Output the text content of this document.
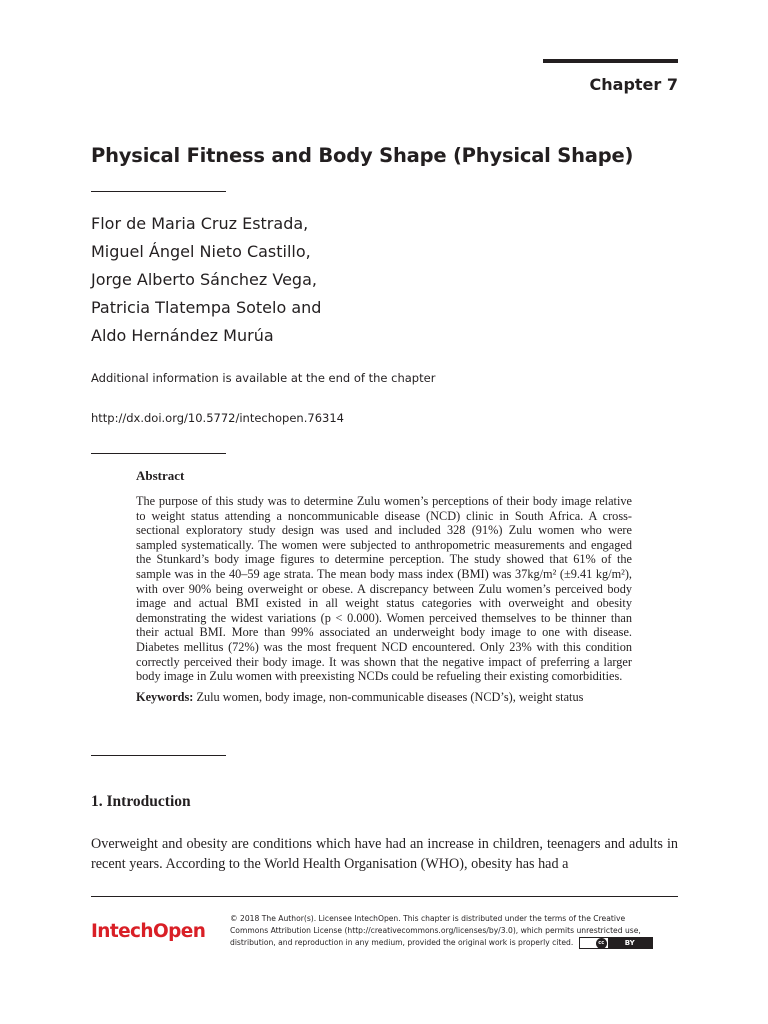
Chapter 7
Physical Fitness and Body Shape (Physical Shape)
Flor de Maria Cruz Estrada,
Miguel Ángel Nieto Castillo,
Jorge Alberto Sánchez Vega,
Patricia Tlatempa Sotelo and
Aldo Hernández Murúa
Additional information is available at the end of the chapter
http://dx.doi.org/10.5772/intechopen.76314
Abstract

The purpose of this study was to determine Zulu women’s perceptions of their body image relative to weight status attending a noncommunicable disease (NCD) clinic in South Africa. A cross-sectional exploratory study design was used and included 328 (91%) Zulu women who were sampled systematically. The women were subjected to anthropometric measurements and engaged the Stunkard’s body image figures to determine perception. The study showed that 61% of the sample was in the 40–59 age strata. The mean body mass index (BMI) was 37kg/m² (±9.41 kg/m²), with over 90% being overweight or obese. A discrepancy between Zulu women’s perceived body image and actual BMI existed in all weight status categories with overweight and obesity demonstrating the widest variations (p < 0.000). Women perceived themselves to be thinner than their actual BMI. More than 99% associated an underweight body image to one with disease. Diabetes mellitus (72%) was the most frequent NCD encountered. Only 23% with this condition correctly perceived their body image. It was shown that the negative impact of preferring a larger body image in Zulu women with preexisting NCDs could be refueling their existing comorbidities.

Keywords: Zulu women, body image, non-communicable diseases (NCD’s), weight status
1. Introduction

Overweight and obesity are conditions which have had an increase in children, teenagers and adults in recent years. According to the World Health Organisation (WHO), obesity has had a

IntechOpen

© 2018 The Author(s). Licensee IntechOpen. This chapter is distributed under the terms of the Creative
Commons Attribution License (http://creativecommons.org/licenses/by/3.0), which permits unrestricted use,
distribution, and reproduction in any medium, provided the original work is properly cited.	cc	BY
